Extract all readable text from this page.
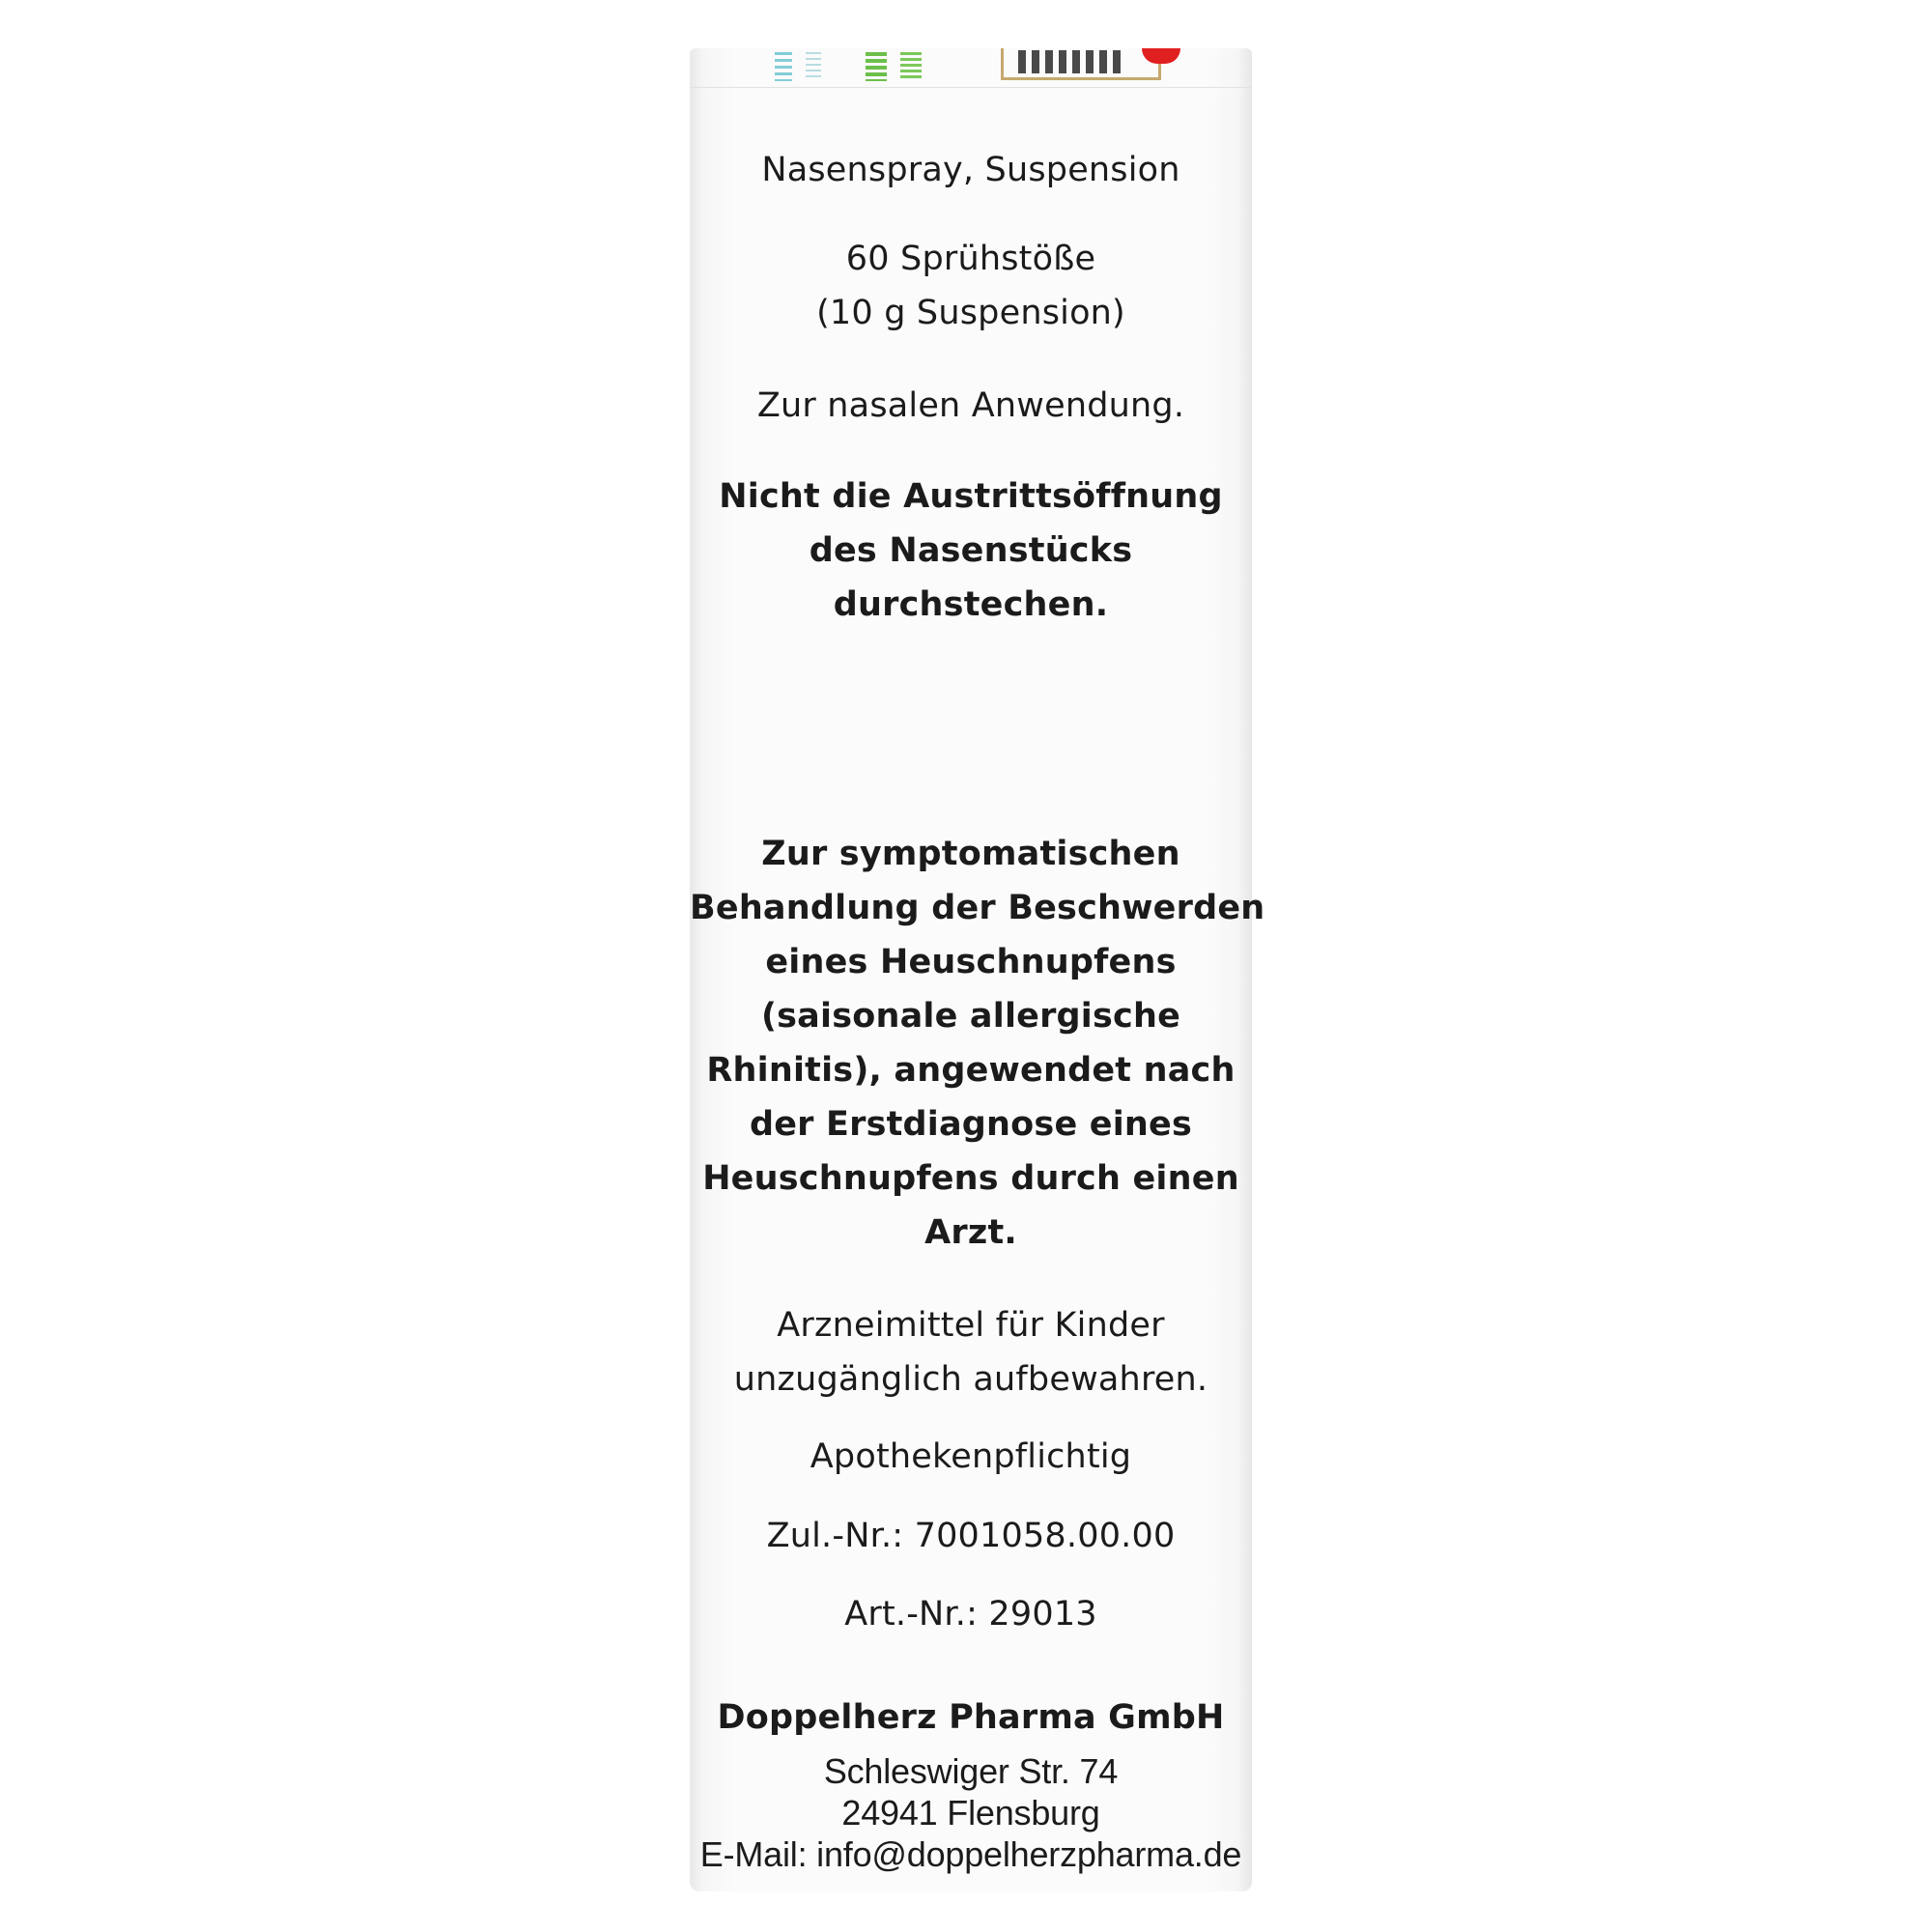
Nasenspray, Suspension
60 Sprühstöße
(10 g Suspension)
Zur nasalen Anwendung.
Nicht die Austrittsöffnung
des Nasenstücks
durchstechen.
Zur symptomatischen
Behandlung der Beschwerden
eines Heuschnupfens
(saisonale allergische
Rhinitis), angewendet nach
der Erstdiagnose eines
Heuschnupfens durch einen
Arzt.
Arzneimittel für Kinder
unzugänglich aufbewahren.
Apothekenpflichtig
Zul.-Nr.: 7001058.00.00
Art.-Nr.: 29013
Doppelherz Pharma GmbH
Schleswiger Str. 74
24941 Flensburg
E-Mail: info@doppelherzpharma.de
